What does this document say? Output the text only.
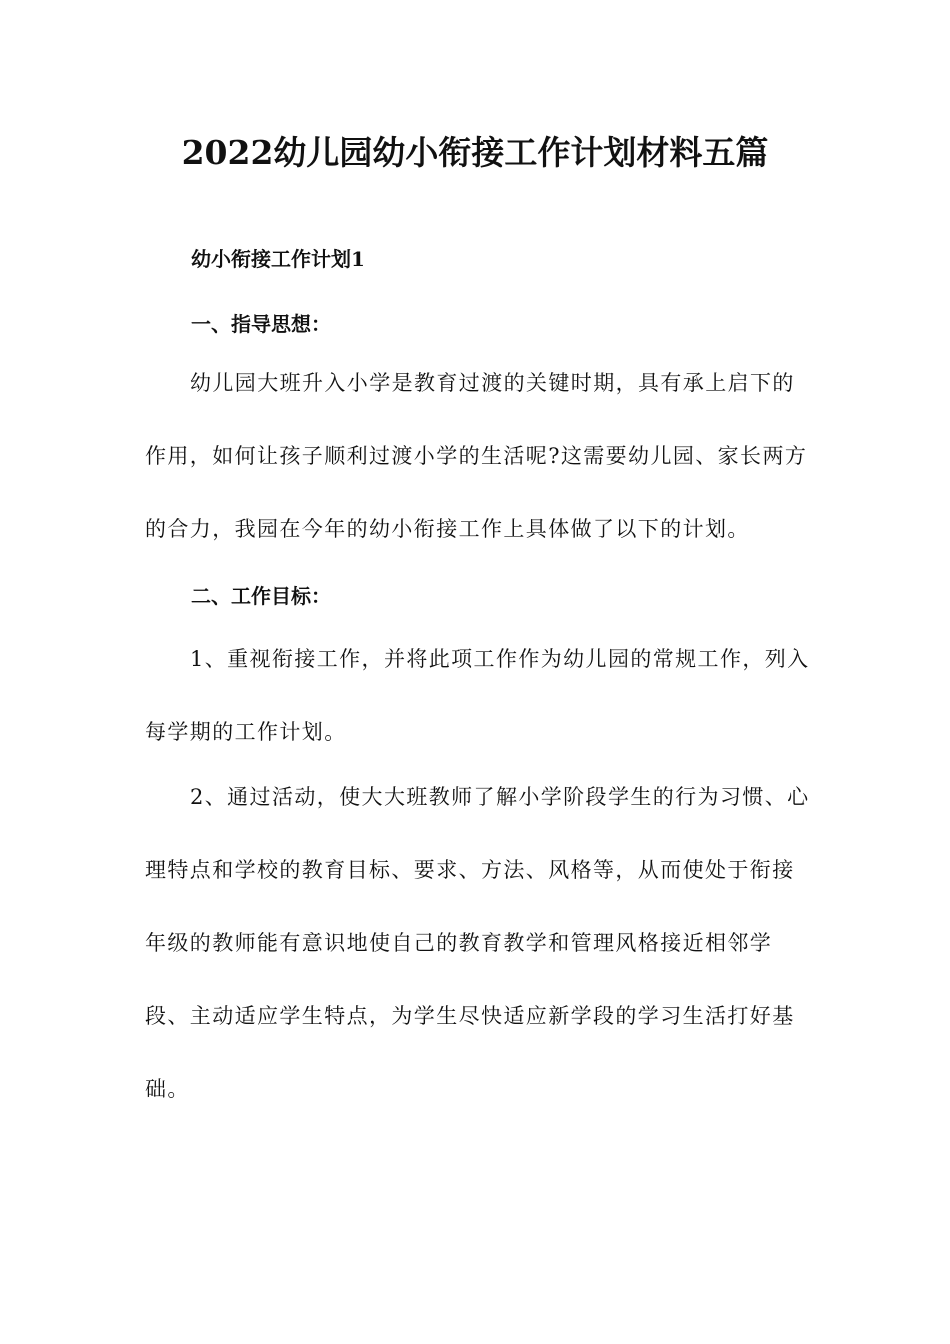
2022幼儿园幼小衔接工作计划材料五篇
幼小衔接工作计划1
一、指导思想：

幼儿园大班升入小学是教育过渡的关键时期，具有承上启下的
作用，如何让孩子顺利过渡小学的生活呢?这需要幼儿园、家长两方
的合力，我园在今年的幼小衔接工作上具体做了以下的计划。

二、工作目标：

1、重视衔接工作，并将此项工作作为幼儿园的常规工作，列入
每学期的工作计划。

2、通过活动，使大大班教师了解小学阶段学生的行为习惯、心
理特点和学校的教育目标、要求、方法、风格等，从而使处于衔接
年级的教师能有意识地使自己的教育教学和管理风格接近相邻学
段、主动适应学生特点，为学生尽快适应新学段的学习生活打好基
础。
